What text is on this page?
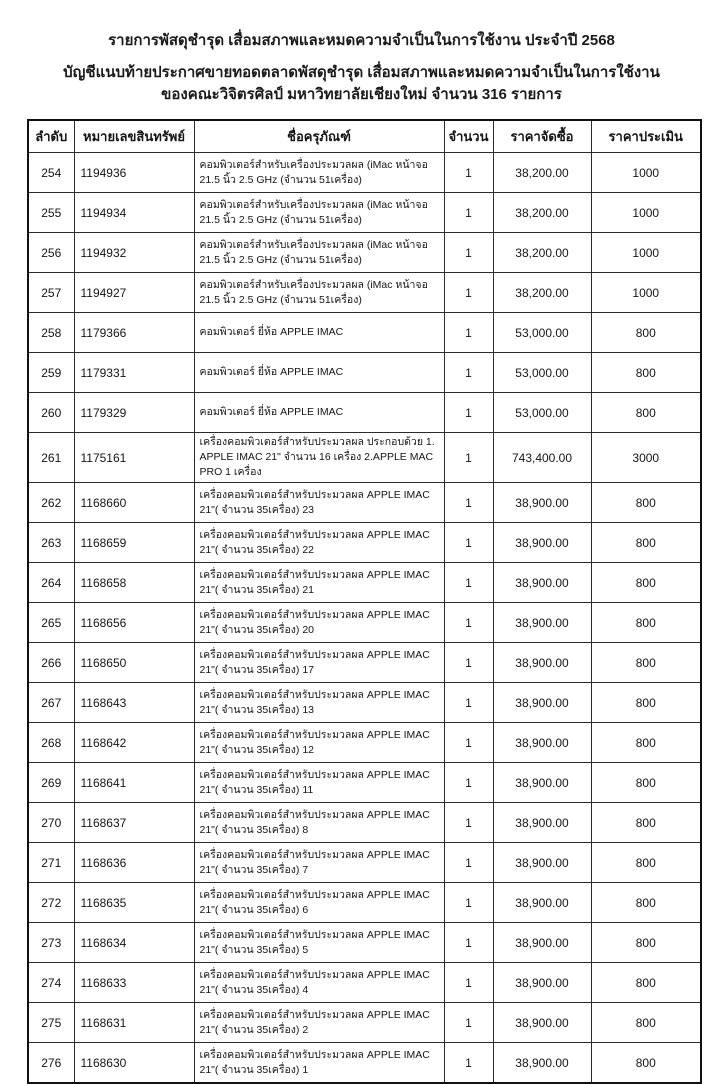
รายการพัสดุชำรุด เสื่อมสภาพและหมดความจำเป็นในการใช้งาน ประจำปี 2568
บัญชีแนบท้ายประกาศขายทอดตลาดพัสดุชำรุด เสื่อมสภาพและหมดความจำเป็นในการใช้งาน
ของคณะวิจิตรศิลป์ มหาวิทยาลัยเชียงใหม่ จำนวน 316 รายการ
ลำดับ	หมายเลขสินทรัพย์	ชื่อครุภัณฑ์	จำนวน	ราคาจัดซื้อ	ราคาประเมิน
254	1194936	คอมพิวเตอร์สำหรับเครื่องประมวลผล (iMac หน้าจอ 21.5 นิ้ว 2.5 GHz (จำนวน 51เครื่อง)	1	38,200.00	1000
255	1194934	คอมพิวเตอร์สำหรับเครื่องประมวลผล (iMac หน้าจอ 21.5 นิ้ว 2.5 GHz (จำนวน 51เครื่อง)	1	38,200.00	1000
256	1194932	คอมพิวเตอร์สำหรับเครื่องประมวลผล (iMac หน้าจอ 21.5 นิ้ว 2.5 GHz (จำนวน 51เครื่อง)	1	38,200.00	1000
257	1194927	คอมพิวเตอร์สำหรับเครื่องประมวลผล (iMac หน้าจอ 21.5 นิ้ว 2.5 GHz (จำนวน 51เครื่อง)	1	38,200.00	1000
258	1179366	คอมพิวเตอร์ ยี่ห้อ APPLE IMAC	1	53,000.00	800
259	1179331	คอมพิวเตอร์ ยี่ห้อ APPLE IMAC	1	53,000.00	800
260	1179329	คอมพิวเตอร์ ยี่ห้อ APPLE IMAC	1	53,000.00	800
261	1175161	เครื่องคอมพิวเตอร์สำหรับประมวลผล ประกอบด้วย 1. APPLE IMAC 21" จำนวน 16 เครื่อง 2.APPLE MAC PRO 1 เครื่อง	1	743,400.00	3000
262	1168660	เครื่องคอมพิวเตอร์สำหรับประมวลผล APPLE IMAC 21"( จำนวน 35เครื่อง) 23	1	38,900.00	800
263	1168659	เครื่องคอมพิวเตอร์สำหรับประมวลผล APPLE IMAC 21"( จำนวน 35เครื่อง) 22	1	38,900.00	800
264	1168658	เครื่องคอมพิวเตอร์สำหรับประมวลผล APPLE IMAC 21"( จำนวน 35เครื่อง) 21	1	38,900.00	800
265	1168656	เครื่องคอมพิวเตอร์สำหรับประมวลผล APPLE IMAC 21"( จำนวน 35เครื่อง) 20	1	38,900.00	800
266	1168650	เครื่องคอมพิวเตอร์สำหรับประมวลผล APPLE IMAC 21"( จำนวน 35เครื่อง) 17	1	38,900.00	800
267	1168643	เครื่องคอมพิวเตอร์สำหรับประมวลผล APPLE IMAC 21"( จำนวน 35เครื่อง) 13	1	38,900.00	800
268	1168642	เครื่องคอมพิวเตอร์สำหรับประมวลผล APPLE IMAC 21"( จำนวน 35เครื่อง) 12	1	38,900.00	800
269	1168641	เครื่องคอมพิวเตอร์สำหรับประมวลผล APPLE IMAC 21"( จำนวน 35เครื่อง) 11	1	38,900.00	800
270	1168637	เครื่องคอมพิวเตอร์สำหรับประมวลผล APPLE IMAC 21"( จำนวน 35เครื่อง) 8	1	38,900.00	800
271	1168636	เครื่องคอมพิวเตอร์สำหรับประมวลผล APPLE IMAC 21"( จำนวน 35เครื่อง) 7	1	38,900.00	800
272	1168635	เครื่องคอมพิวเตอร์สำหรับประมวลผล APPLE IMAC 21"( จำนวน 35เครื่อง) 6	1	38,900.00	800
273	1168634	เครื่องคอมพิวเตอร์สำหรับประมวลผล APPLE IMAC 21"( จำนวน 35เครื่อง) 5	1	38,900.00	800
274	1168633	เครื่องคอมพิวเตอร์สำหรับประมวลผล APPLE IMAC 21"( จำนวน 35เครื่อง) 4	1	38,900.00	800
275	1168631	เครื่องคอมพิวเตอร์สำหรับประมวลผล APPLE IMAC 21"( จำนวน 35เครื่อง) 2	1	38,900.00	800
276	1168630	เครื่องคอมพิวเตอร์สำหรับประมวลผล APPLE IMAC 21"( จำนวน 35เครื่อง) 1	1	38,900.00	800
